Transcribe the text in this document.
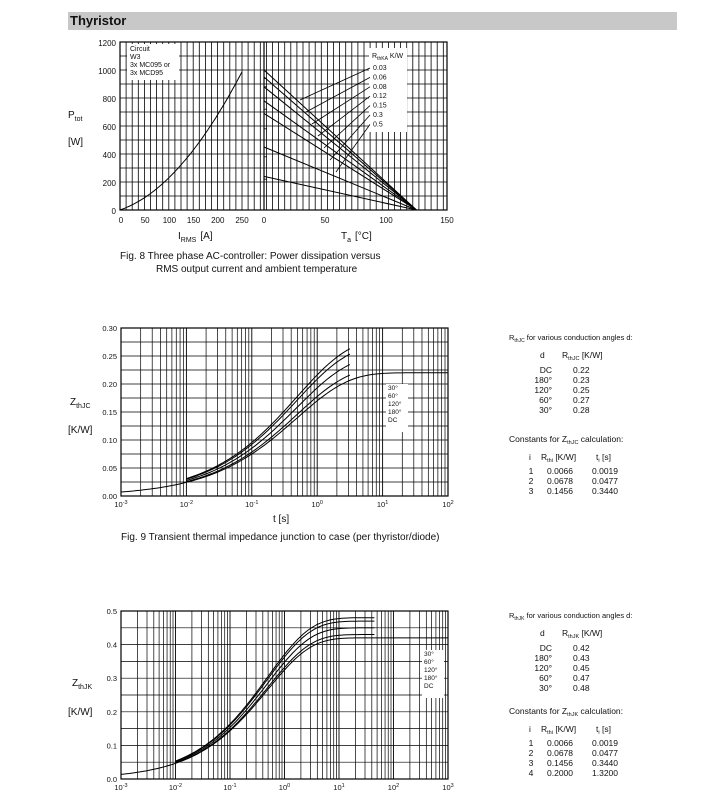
Thyristor
Circuit
W3
3x MC095 or
3x MCD95
$R_{thKA}$ K/W
0.03
0.06
0.08
0.12
0.15
0.3
0.5
1200
1000
800
600
400
200
0
0 50 100 150 200 250 0	50	100	150
$P_{tot}$
[W]
$I_{RMS}$ [A]	$T_a$ [°C]
Fig. 8 Three phase AC-controller: Power dissipation versus
RMS output current and ambient temperature
30°
60°
120°
180°
DC
0.30
0.25
0.20
0.15
0.10
0.05
0.00
$10^{-3}$	$10^{-2}$	$10^{-1}$	$10^0$	$10^1$	$10^2$
$Z_{thJC}$
[K/W]
t [s]
Fig. 9 Transient thermal impedance junction to case (per thyristor/diode)
30°
60°
120°
180°
DC
0.5
0.4
0.3
0.2
0.1
0.0
$10^{-3}$	$10^{-2}$	$10^{-1}$	$10^0$	$10^1$	$10^2$	$10^3$
$Z_{thJK}$
[K/W]
$R_{thJC}$ for various conduction angles d:
d $R_{thJC}$ [K/W]
DC 0.22
180° 0.23
120° 0.25
60° 0.27
30° 0.28
Constants for $Z_{thJC}$ calculation:
i $R_{thi}$ [K/W] $t_i$ [s]
1 0.0066 0.0019
2 0.0678 0.0477
3 0.1456 0.3440
$R_{thJK}$ for various conduction angles d:
d $R_{thJK}$ [K/W]
DC 0.42
180° 0.43
120° 0.45
60° 0.47
30° 0.48
Constants for $Z_{thJK}$ calculation:
i $R_{thi}$ [K/W] $t_i$ [s]
1 0.0066 0.0019
2 0.0678 0.0477
3 0.1456 0.3440
4 0.2000 1.3200
